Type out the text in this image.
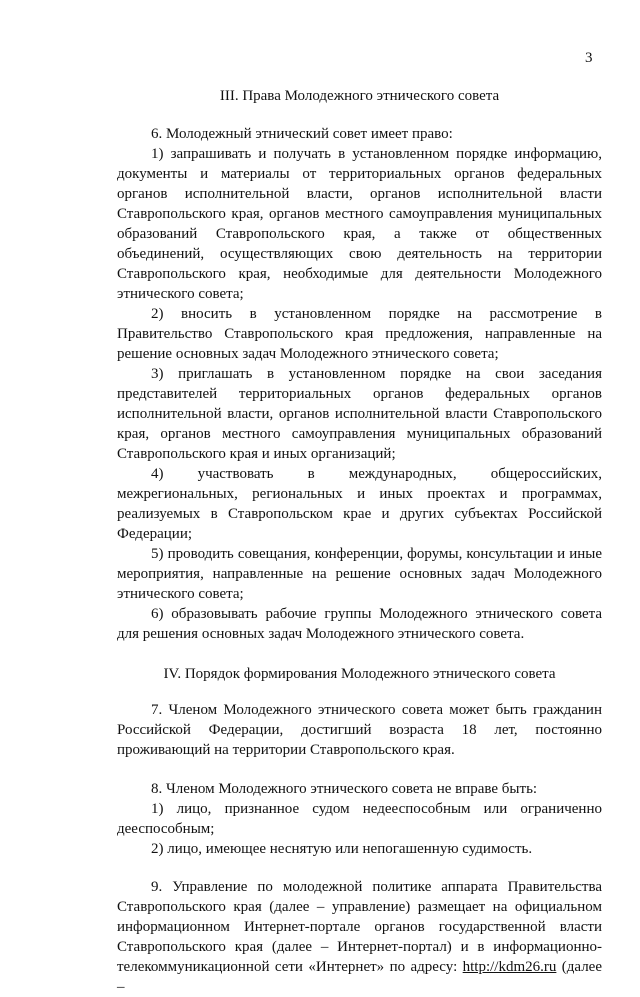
3

III. Права Молодежного этнического совета

6. Молодежный этнический совет имеет право:

1) запрашивать и получать в установленном порядке информацию, документы и материалы от территориальных органов федеральных органов исполнительной власти, органов исполнительной власти Ставропольского края, органов местного самоуправления муниципальных образований Ставропольского края, а также от общественных объединений, осуществляющих свою деятельность на территории Ставропольского края, необходимые для деятельности Молодежного этнического совета;

2) вносить в установленном порядке на рассмотрение в Правительство Ставропольского края предложения, направленные на решение основных задач Молодежного этнического совета;

3) приглашать в установленном порядке на свои заседания представителей территориальных органов федеральных органов исполнительной власти, органов исполнительной власти Ставропольского края, органов местного самоуправления муниципальных образований Ставропольского края и иных организаций;

4) участвовать в международных, общероссийских, межрегиональных, региональных и иных проектах и программах, реализуемых в Ставропольском крае и других субъектах Российской Федерации;

5) проводить совещания, конференции, форумы, консультации и иные мероприятия, направленные на решение основных задач Молодежного этнического совета;

6) образовывать рабочие группы Молодежного этнического совета для решения основных задач Молодежного этнического совета.

IV. Порядок формирования Молодежного этнического совета

7. Членом Молодежного этнического совета может быть гражданин Российской Федерации, достигший возраста 18 лет, постоянно проживающий на территории Ставропольского края.

8. Членом Молодежного этнического совета не вправе быть:

1) лицо, признанное судом недееспособным или ограниченно дееспособным;

2) лицо, имеющее неснятую или непогашенную судимость.

9. Управление по молодежной политике аппарата Правительства Ставропольского края (далее – управление) размещает на официальном информационном Интернет-портале органов государственной власти Ставропольского края (далее – Интернет-портал) и в информационно-телекоммуникационной сети «Интернет» по адресу: http://kdm26.ru (далее –
